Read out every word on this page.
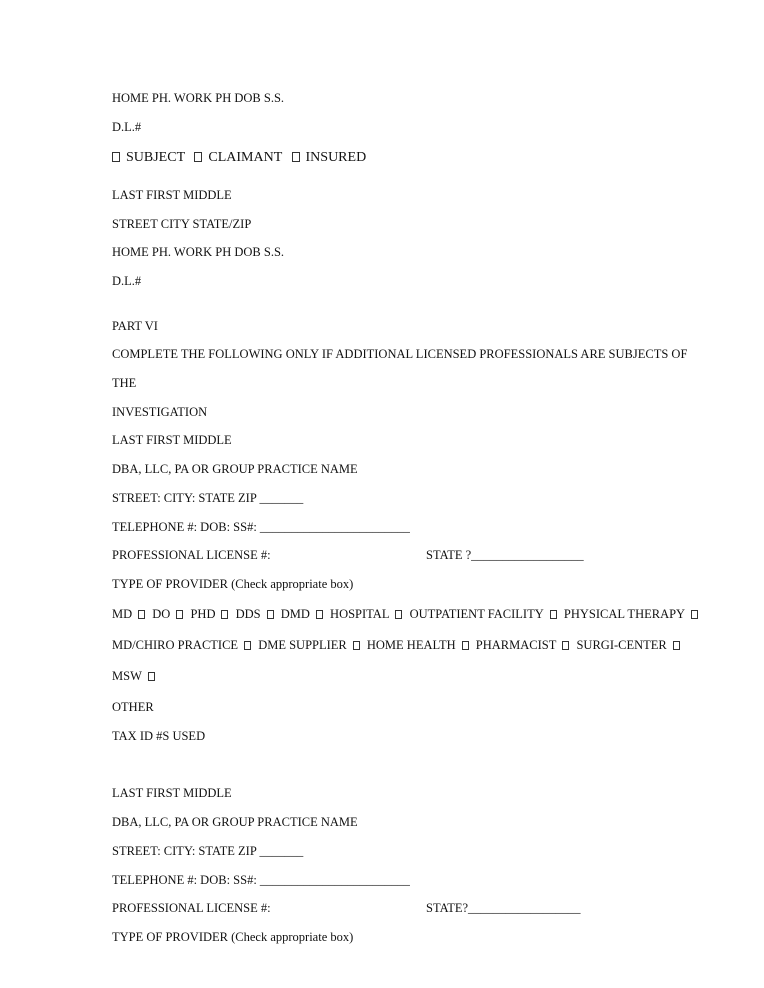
HOME PH. WORK PH DOB S.S.
D.L.#
SUBJECT CLAIMANT INSURED
LAST FIRST MIDDLE
STREET CITY STATE/ZIP
HOME PH. WORK PH DOB S.S.
D.L.#
PART VI
COMPLETE THE FOLLOWING ONLY IF ADDITIONAL LICENSED PROFESSIONALS ARE SUBJECTS OF
THE
INVESTIGATION
LAST FIRST MIDDLE
DBA, LLC, PA OR GROUP PRACTICE NAME
STREET: CITY: STATE ZIP _______
TELEPHONE #: DOB: SS#: ________________________
PROFESSIONAL LICENSE #:	STATE ?__________________
TYPE OF PROVIDER (Check appropriate box)
MD DO PHD DDS DMD HOSPITAL OUTPATIENT FACILITY PHYSICAL THERAPY
MD/CHIRO PRACTICE DME SUPPLIER HOME HEALTH PHARMACIST SURGI-CENTER
MSW
OTHER
TAX ID #S USED
LAST FIRST MIDDLE
DBA, LLC, PA OR GROUP PRACTICE NAME
STREET: CITY: STATE ZIP _______
TELEPHONE #: DOB: SS#: ________________________
PROFESSIONAL LICENSE #:	STATE?__________________
TYPE OF PROVIDER (Check appropriate box)
